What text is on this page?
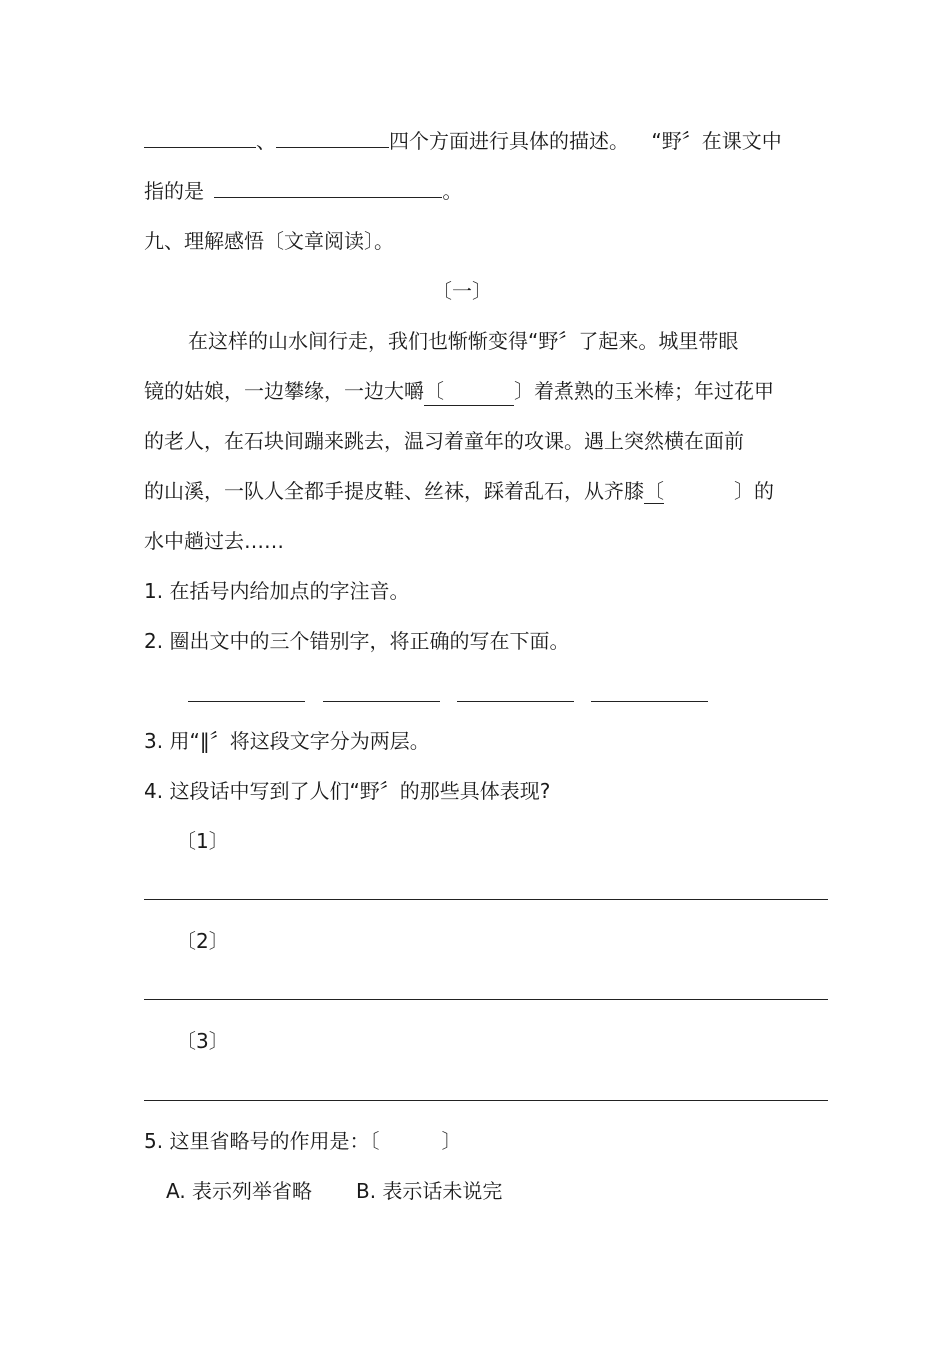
、	四个方面进行具体的描述。 “野〞在课文中
指的是	。
九、理解感悟〔文章阅读〕。
〔一〕
在这样的山水间行走，我们也惭惭变得“野〞了起来。城里带眼
镜的姑娘，一边攀缘，一边大嚼〔	〕着煮熟的玉米棒；年过花甲
的老人，在石块间蹦来跳去，温习着童年的攻课。遇上突然横在面前
的山溪，一队人全都手提皮鞋、丝袜，踩着乱石，从齐膝〔	〕的
水中趟过去……
1. 在括号内给加点的字注音。
2. 圈出文中的三个错别字，将正确的写在下面。
3. 用“‖〞将这段文字分为两层。
4. 这段话中写到了人们“野〞的那些具体表现?
〔1〕
〔2〕
〔3〕
5. 这里省略号的作用是：〔	〕
A. 表示列举省略 B. 表示话未说完
